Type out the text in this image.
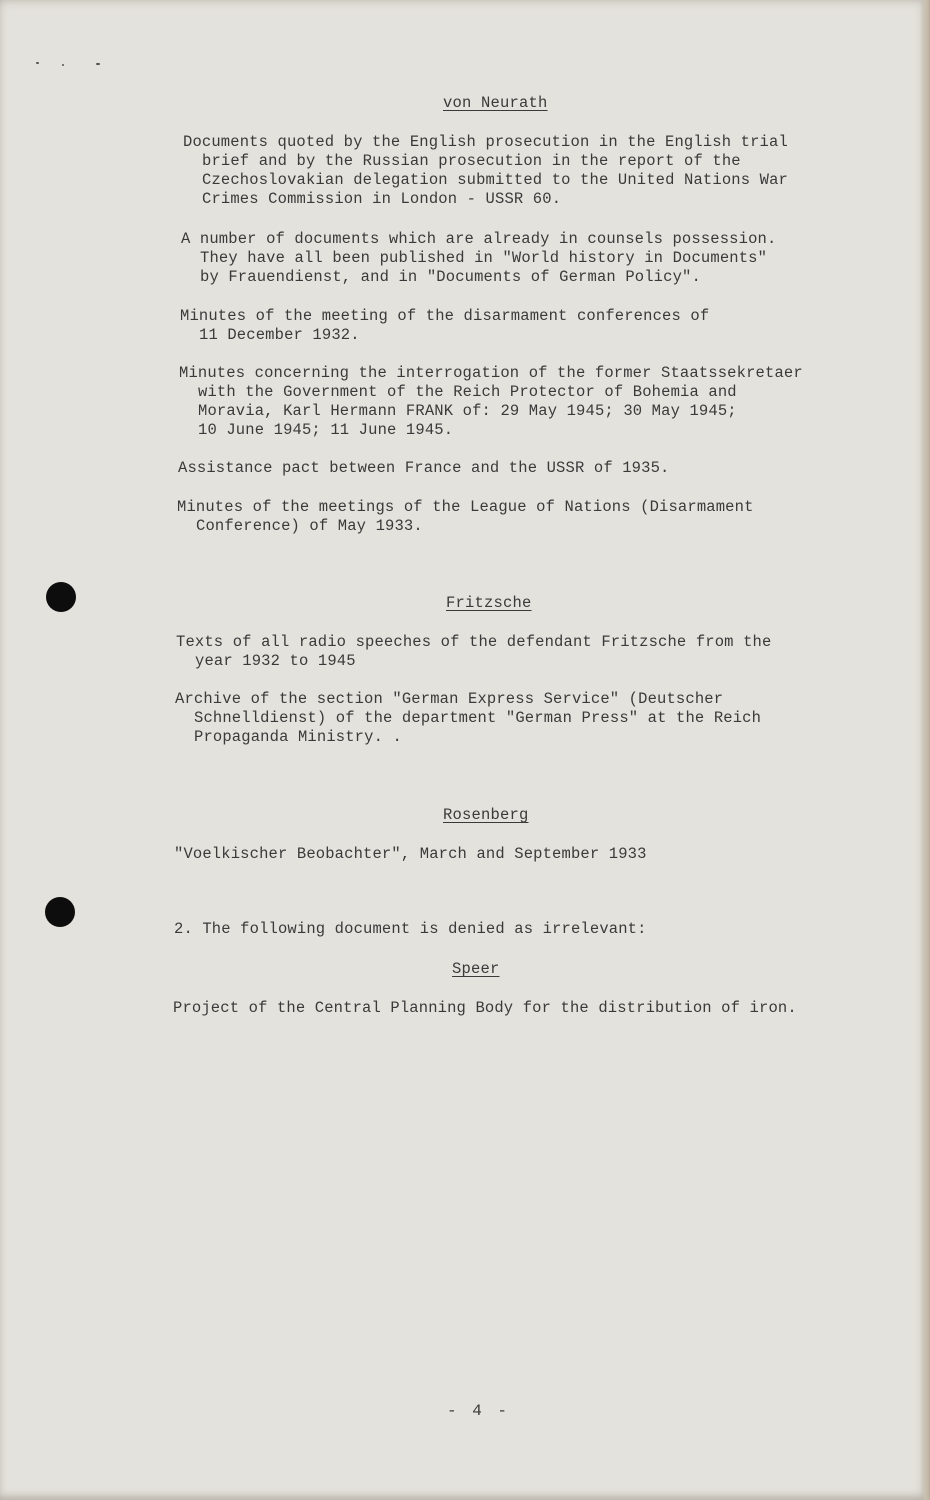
von Neurath
Documents quoted by the English prosecution in the English trial
brief and by the Russian prosecution in the report of the
Czechoslovakian delegation submitted to the United Nations War
Crimes Commission in London - USSR 60.
A number of documents which are already in counsels possession.
They have all been published in "World history in Documents"
by Frauendienst, and in "Documents of German Policy".
Minutes of the meeting of the disarmament conferences of
11 December 1932.
Minutes concerning the interrogation of the former Staatssekretaer
with the Government of the Reich Protector of Bohemia and
Moravia, Karl Hermann FRANK of: 29 May 1945; 30 May 1945;
10 June 1945; 11 June 1945.
Assistance pact between France and the USSR of 1935.
Minutes of the meetings of the League of Nations (Disarmament
Conference) of May 1933.
Fritzsche
Texts of all radio speeches of the defendant Fritzsche from the
year 1932 to 1945
Archive of the section "German Express Service" (Deutscher
Schnelldienst) of the department "German Press" at the Reich
Propaganda Ministry. .
Rosenberg
"Voelkischer Beobachter", March and September 1933
2. The following document is denied as irrelevant:
Speer
Project of the Central Planning Body for the distribution of iron.
- 4 -
